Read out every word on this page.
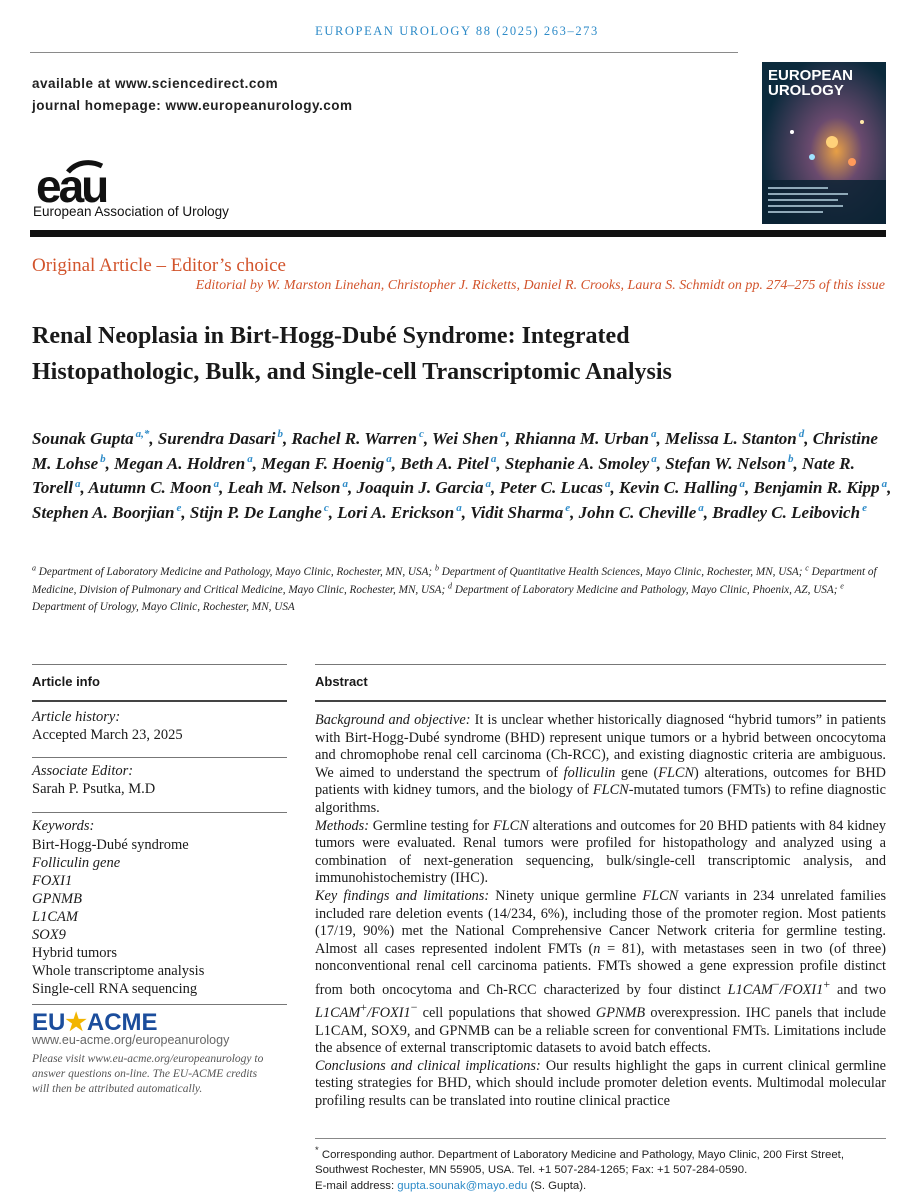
EUROPEAN UROLOGY 88 (2025) 263–273
available at www.sciencedirect.com
journal homepage: www.europeanurology.com
eau
European Association of Urology
EUROPEAN
UROLOGY
Original Article – Editor’s choice
Editorial by W. Marston Linehan, Christopher J. Ricketts, Daniel R. Crooks, Laura S. Schmidt on pp. 274–275 of this issue
Renal Neoplasia in Birt-Hogg-Dubé Syndrome: Integrated
Histopathologic, Bulk, and Single-cell Transcriptomic Analysis
Sounak Gupta $^{a,*}$, Surendra Dasari $^b$, Rachel R. Warren $^c$, Wei Shen $^a$, Rhianna M. Urban $^a$, Melissa L. Stanton $^d$, Christine M. Lohse $^b$, Megan A. Holdren $^a$, Megan F. Hoenig $^a$, Beth A. Pitel $^a$, Stephanie A. Smoley $^a$, Stefan W. Nelson $^b$, Nate R. Torell $^a$, Autumn C. Moon $^a$, Leah M. Nelson $^a$, Joaquin J. Garcia $^a$, Peter C. Lucas $^a$, Kevin C. Halling $^a$, Benjamin R. Kipp $^a$, Stephen A. Boorjian $^e$, Stijn P. De Langhe $^c$, Lori A. Erickson $^a$, Vidit Sharma $^e$, John C. Cheville $^a$, Bradley C. Leibovich $^e$
$^a$ Department of Laboratory Medicine and Pathology, Mayo Clinic, Rochester, MN, USA; $^b$ Department of Quantitative Health Sciences, Mayo Clinic, Rochester, MN, USA; $^c$ Department of Medicine, Division of Pulmonary and Critical Medicine, Mayo Clinic, Rochester, MN, USA; $^d$ Department of Laboratory Medicine and Pathology, Mayo Clinic, Phoenix, AZ, USA; $^e$ Department of Urology, Mayo Clinic, Rochester, MN, USA
Article info	Abstract
Article history:
Accepted March 23, 2025
Associate Editor:
Sarah P. Psutka, M.D
Keywords:
Birt-Hogg-Dubé syndrome
Folliculin gene
FOXI1
GPNMB
L1CAM
SOX9
Hybrid tumors
Whole transcriptome analysis
Single-cell RNA sequencing
EU★ACME
www.eu-acme.org/europeanurology
Please visit www.eu-acme.org/europeanurology to answer questions on-line. The EU-ACME credits will then be attributed automatically.

Background and objective: It is unclear whether historically diagnosed “hybrid tumors” in patients with Birt-Hogg-Dubé syndrome (BHD) represent unique tumors or a hybrid between oncocytoma and chromophobe renal cell carcinoma (Ch-RCC), and existing diagnostic criteria are ambiguous. We aimed to understand the spectrum of folliculin gene (FLCN) alterations, outcomes for BHD patients with kidney tumors, and the biology of FLCN-mutated tumors (FMTs) to refine diagnostic algorithms.

Methods: Germline testing for FLCN alterations and outcomes for 20 BHD patients with 84 kidney tumors were evaluated. Renal tumors were profiled for histopathology and analyzed using a combination of next-generation sequencing, bulk/single-cell transcriptomic analysis, and immunohistochemistry (IHC).

Key findings and limitations: Ninety unique germline FLCN variants in 234 unrelated families included rare deletion events (14/234, 6%), including those of the promoter region. Most patients (17/19, 90%) met the National Comprehensive Cancer Network criteria for germline testing. Almost all cases represented indolent FMTs (n = 81), with metastases seen in two (of three) nonconventional renal cell carcinoma patients. FMTs showed a gene expression profile distinct from both oncocytoma and Ch-RCC characterized by four distinct L1CAM−/FOXI1+ and two L1CAM+/FOXI1− cell populations that showed GPNMB overexpression. IHC panels that include L1CAM, SOX9, and GPNMB can be a reliable screen for conventional FMTs. Limitations include the absence of external transcriptomic datasets to avoid batch effects.

Conclusions and clinical implications: Our results highlight the gaps in current clinical germline testing strategies for BHD, which should include promoter deletion events. Multimodal molecular profiling results can be translated into routine clinical practice

* Corresponding author. Department of Laboratory Medicine and Pathology, Mayo Clinic, 200 First Street, Southwest Rochester, MN 55905, USA. Tel. +1 507-284-1265; Fax: +1 507-284-0590.
E-mail address: gupta.sounak@mayo.edu (S. Gupta).
